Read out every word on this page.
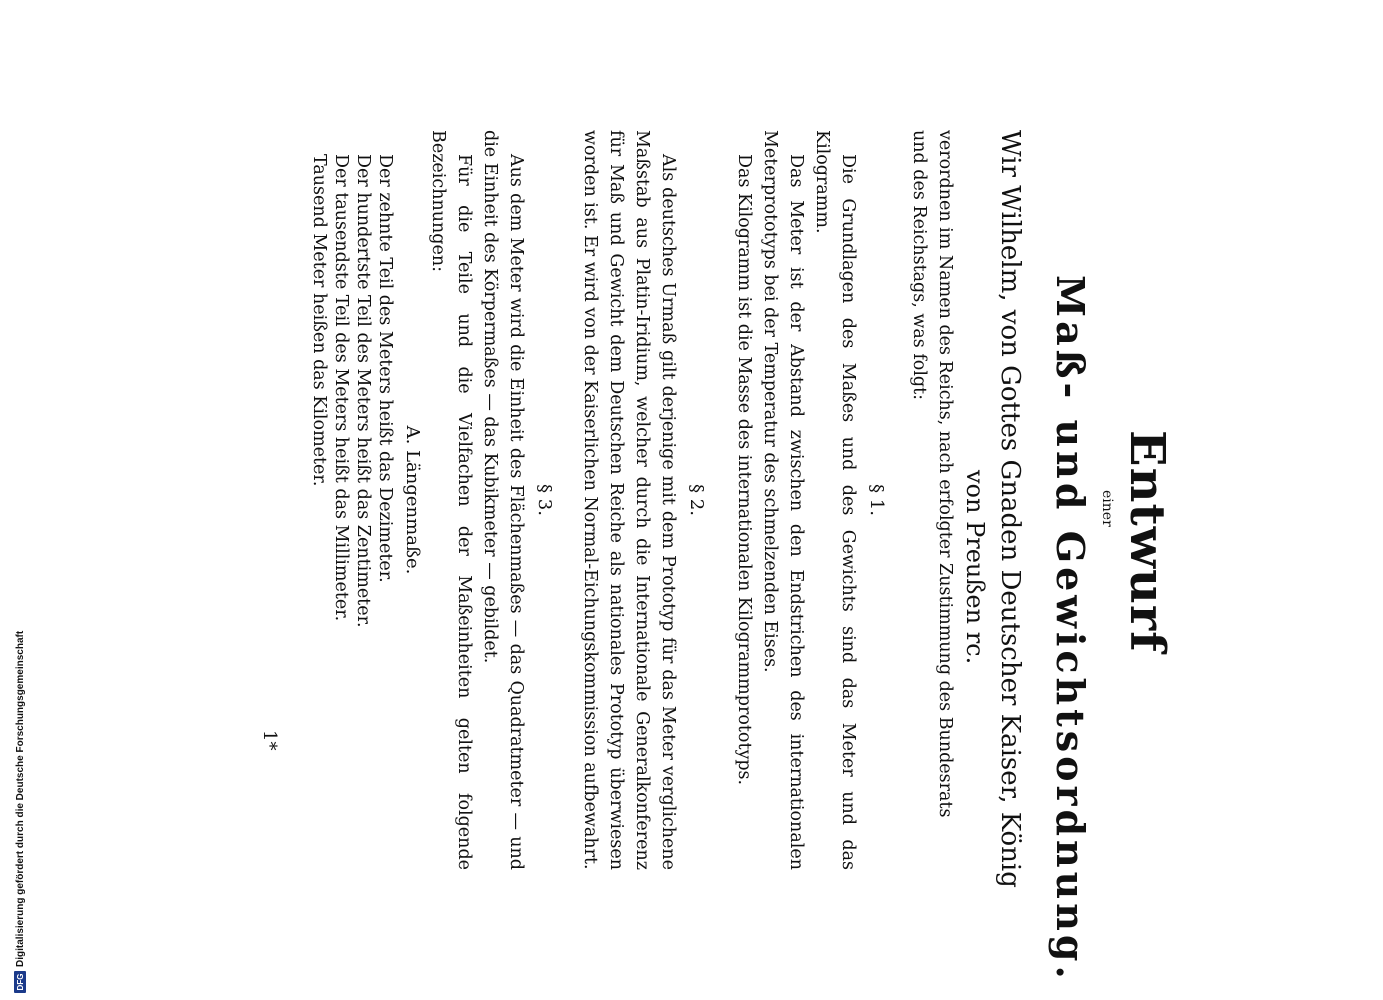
Entwurf
einer
Maß- und Gewichtsordnung.
Wir Wilhelm, von Gottes Gnaden Deutscher Kaiser, König
von Preußen rc.
verordnen im Namen des Reichs, nach erfolgter Zustimmung des Bundesrats
und des Reichstags, was folgt:
§ 1.
Die Grundlagen des Maßes und des Gewichts sind das Meter und das Kilogramm.
Das Meter ist der Abstand zwischen den Endstrichen des internationalen Meterprototyps bei der Temperatur des schmelzenden Eises.
Das Kilogramm ist die Masse des internationalen Kilogrammprototyps.
§ 2.
Als deutsches Urmaß gilt derjenige mit dem Prototyp für das Meter verglichene Maßstab aus Platin-Iridium, welcher durch die Internationale Generalkonferenz für Maß und Gewicht dem Deutschen Reiche als nationales Prototyp überwiesen worden ist. Er wird von der Kaiserlichen Normal-Eichungskommission aufbewahrt.
§ 3.
Aus dem Meter wird die Einheit des Flächenmaßes — das Quadratmeter — und die Einheit des Körpermaßes — das Kubikmeter — gebildet.
Für die Teile und die Vielfachen der Maßeinheiten gelten folgende Bezeichnungen:
A. Längenmaße.
Der zehnte Teil des Meters heißt das Dezimeter.
Der hundertste Teil des Meters heißt das Zentimeter.
Der tausendste Teil des Meters heißt das Millimeter.
Tausend Meter heißen das Kilometer.
1*
DFG
Digitalisierung gefördert durch die Deutsche Forschungsgemeinschaft
